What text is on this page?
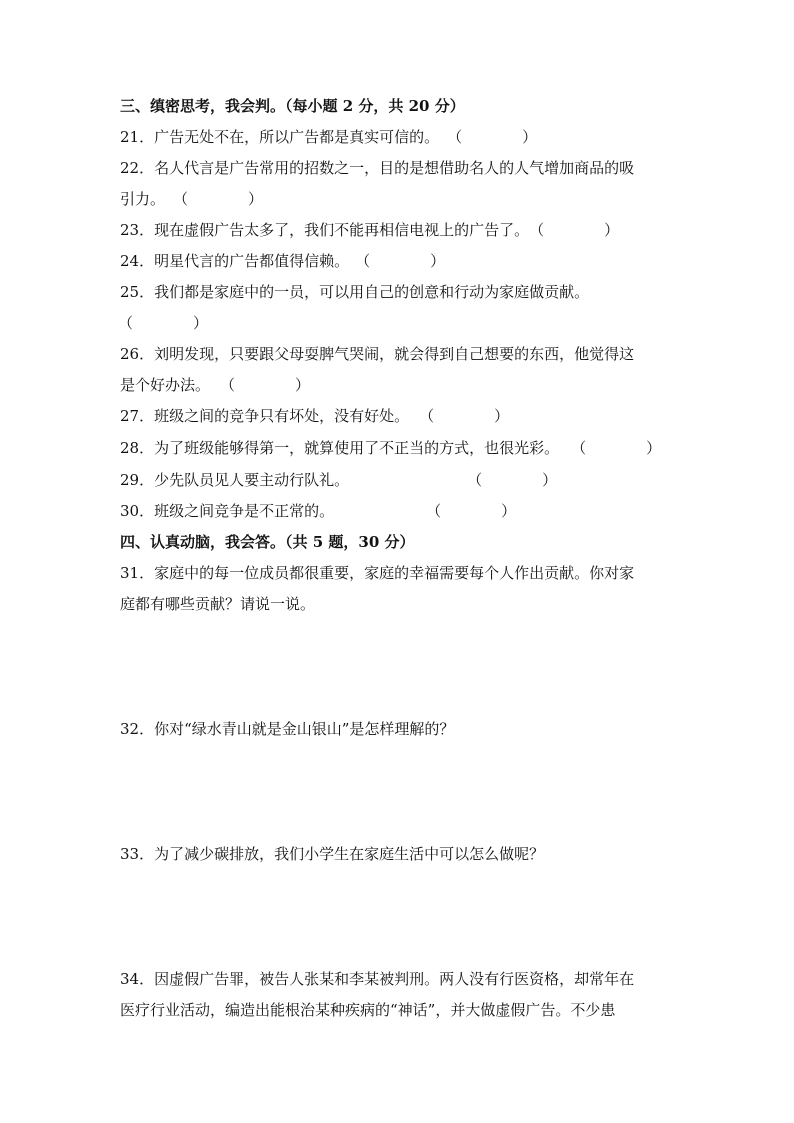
三、缜密思考，我会判。（每小题 2 分，共 20 分）
21．广告无处不在，所以广告都是真实可信的。 （　　　　）
22．名人代言是广告常用的招数之一，目的是想借助名人的人气增加商品的吸
引力。 （　　　　）
23．现在虚假广告太多了，我们不能再相信电视上的广告了。（　　　　）
24．明星代言的广告都值得信赖。 （　　　　）
25．我们都是家庭中的一员，可以用自己的创意和行动为家庭做贡献。
（　　　　）
26．刘明发现，只要跟父母耍脾气哭闹，就会得到自己想要的东西，他觉得这
是个好办法。 （　　　　）
27．班级之间的竞争只有坏处，没有好处。 （　　　　）
28．为了班级能够得第一，就算使用了不正当的方式，也很光彩。 （　　　　）
29．少先队员见人要主动行队礼。	（　　　　）
30．班级之间竞争是不正常的。	（　　　　）
四、认真动脑，我会答。（共 5 题，30 分）
31．家庭中的每一位成员都很重要，家庭的幸福需要每个人作出贡献。你对家
庭都有哪些贡献？请说一说。
32．你对“绿水青山就是金山银山”是怎样理解的？
33．为了减少碳排放，我们小学生在家庭生活中可以怎么做呢？
34．因虚假广告罪，被告人张某和李某被判刑。两人没有行医资格，却常年在
医疗行业活动，编造出能根治某种疾病的“神话”，并大做虚假广告。不少患
